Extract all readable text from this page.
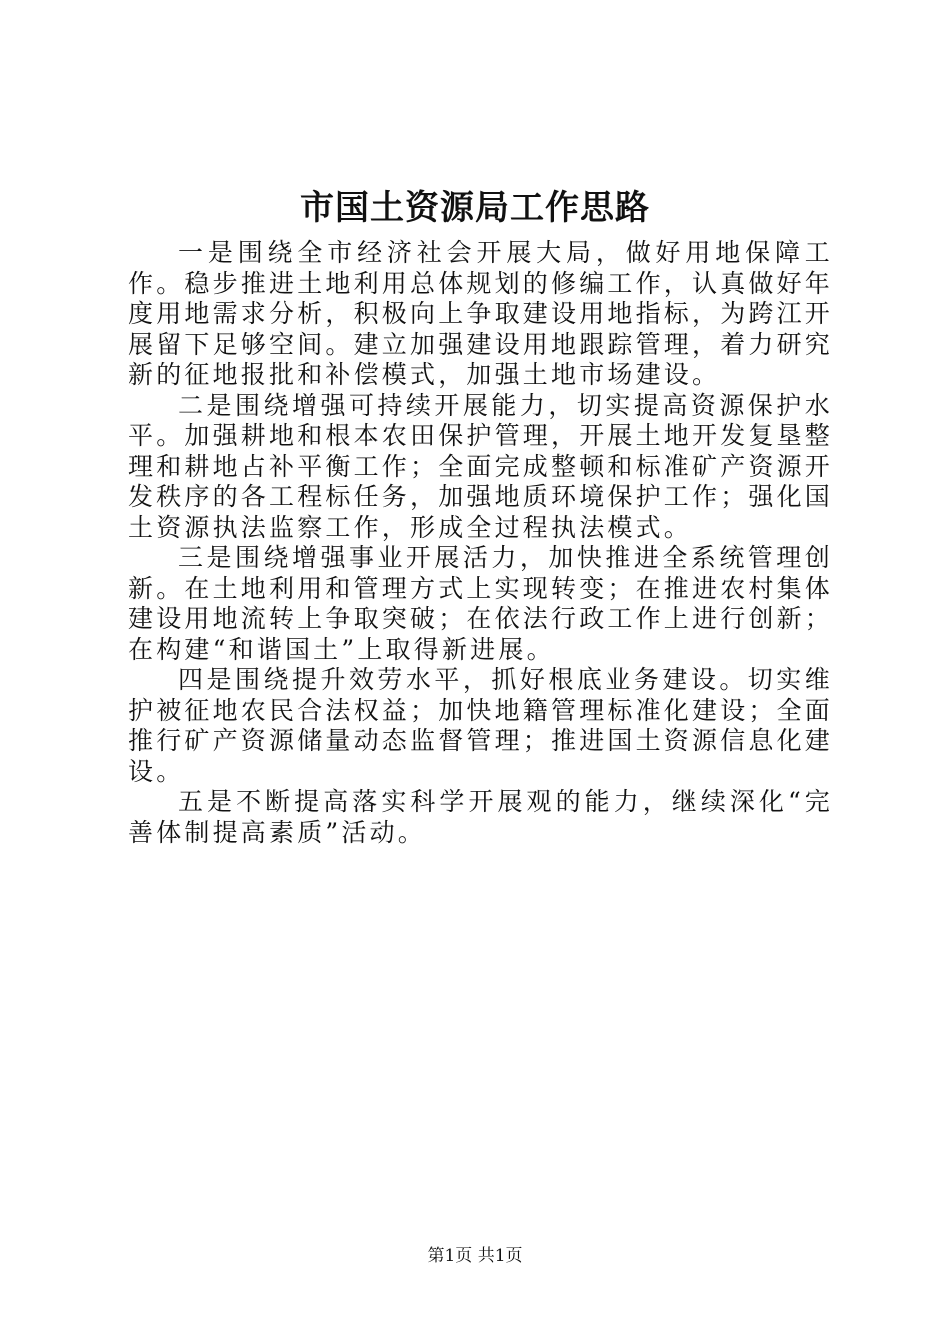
市国土资源局工作思路

一是围绕全市经济社会开展大局，做好用地保障工作。稳步推进土地利用总体规划的修编工作，认真做好年度用地需求分析，积极向上争取建设用地指标，为跨江开展留下足够空间。建立加强建设用地跟踪管理，着力研究新的征地报批和补偿模式，加强土地市场建设。

二是围绕增强可持续开展能力，切实提高资源保护水平。加强耕地和根本农田保护管理，开展土地开发复垦整理和耕地占补平衡工作；全面完成整顿和标准矿产资源开发秩序的各工程标任务，加强地质环境保护工作；强化国土资源执法监察工作，形成全过程执法模式。

三是围绕增强事业开展活力，加快推进全系统管理创新。在土地利用和管理方式上实现转变；在推进农村集体建设用地流转上争取突破；在依法行政工作上进行创新；在构建“和谐国土”上取得新进展。

四是围绕提升效劳水平，抓好根底业务建设。切实维护被征地农民合法权益；加快地籍管理标准化建设；全面推行矿产资源储量动态监督管理；推进国土资源信息化建设。

五是不断提高落实科学开展观的能力，继续深化“完善体制提高素质”活动。

第1页 共1页
